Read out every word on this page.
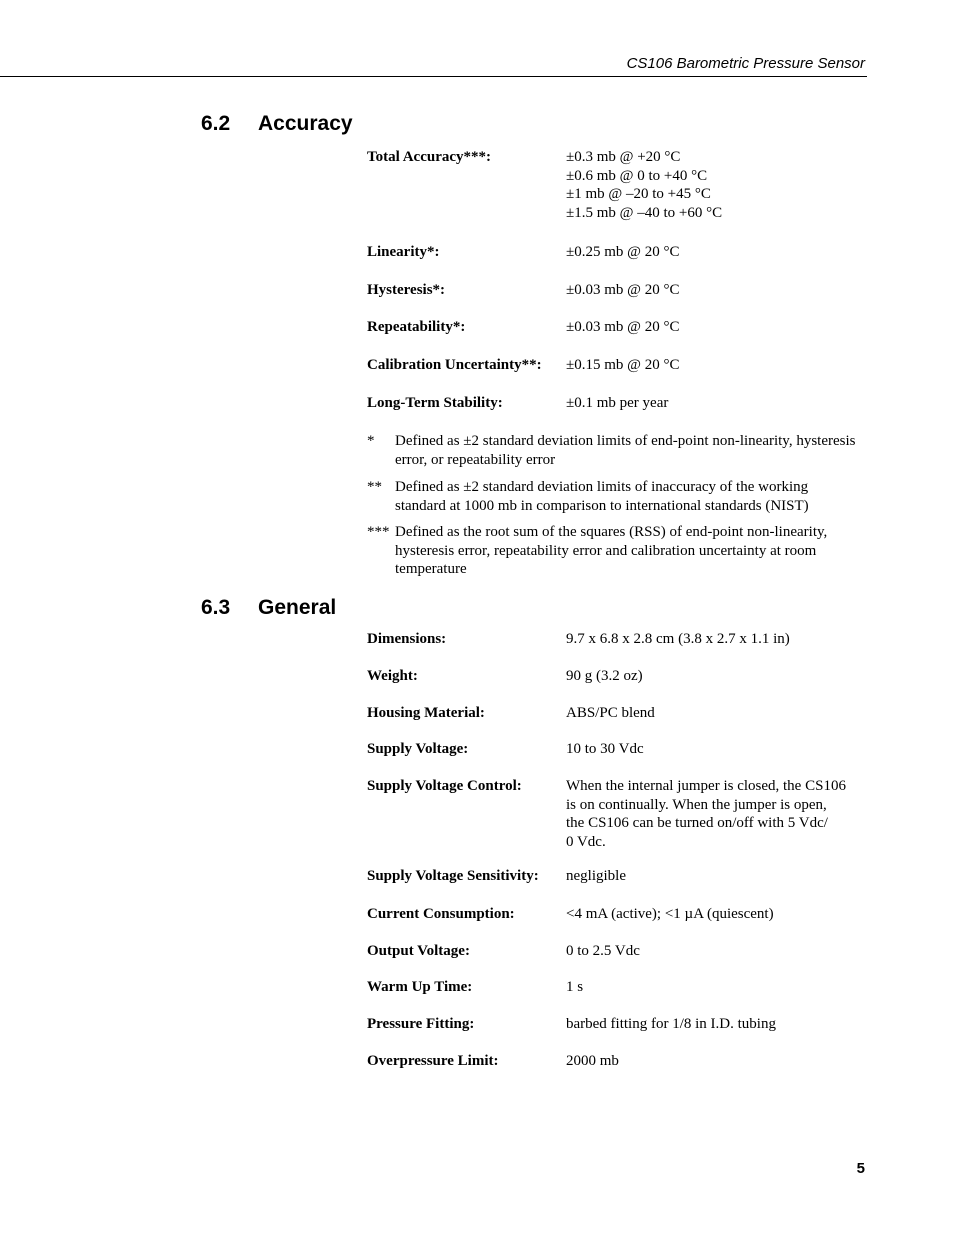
CS106 Barometric Pressure Sensor
6.2 Accuracy
Total Accuracy***:	±0.3 mb @ +20 °C
±0.6 mb @ 0 to +40 °C
±1 mb @ –20 to +45 °C
±1.5 mb @ –40 to +60 °C
Linearity*:	±0.25 mb @ 20 °C
Hysteresis*:	±0.03 mb @ 20 °C
Repeatability*:	±0.03 mb @ 20 °C
Calibration Uncertainty**: ±0.15 mb @ 20 °C
Long-Term Stability:	±0.1 mb per year
* Defined as ±2 standard deviation limits of end-point non-linearity, hysteresis error, or repeatability error
** Defined as ±2 standard deviation limits of inaccuracy of the working standard at 1000 mb in comparison to international standards (NIST)
*** Defined as the root sum of the squares (RSS) of end-point non-linearity, hysteresis error, repeatability error and calibration uncertainty at room temperature
6.3 General
Dimensions:	9.7 x 6.8 x 2.8 cm (3.8 x 2.7 x 1.1 in)
Weight:	90 g (3.2 oz)
Housing Material:	ABS/PC blend
Supply Voltage:	10 to 30 Vdc
Supply Voltage Control:	When the internal jumper is closed, the CS106
is on continually. When the jumper is open,
the CS106 can be turned on/off with 5 Vdc/
0 Vdc.
Supply Voltage Sensitivity: negligible
Current Consumption:	<4 mA (active); <1 µA (quiescent)
Output Voltage:	0 to 2.5 Vdc
Warm Up Time:	1 s
Pressure Fitting:	barbed fitting for 1/8 in I.D. tubing
Overpressure Limit:	2000 mb
5
